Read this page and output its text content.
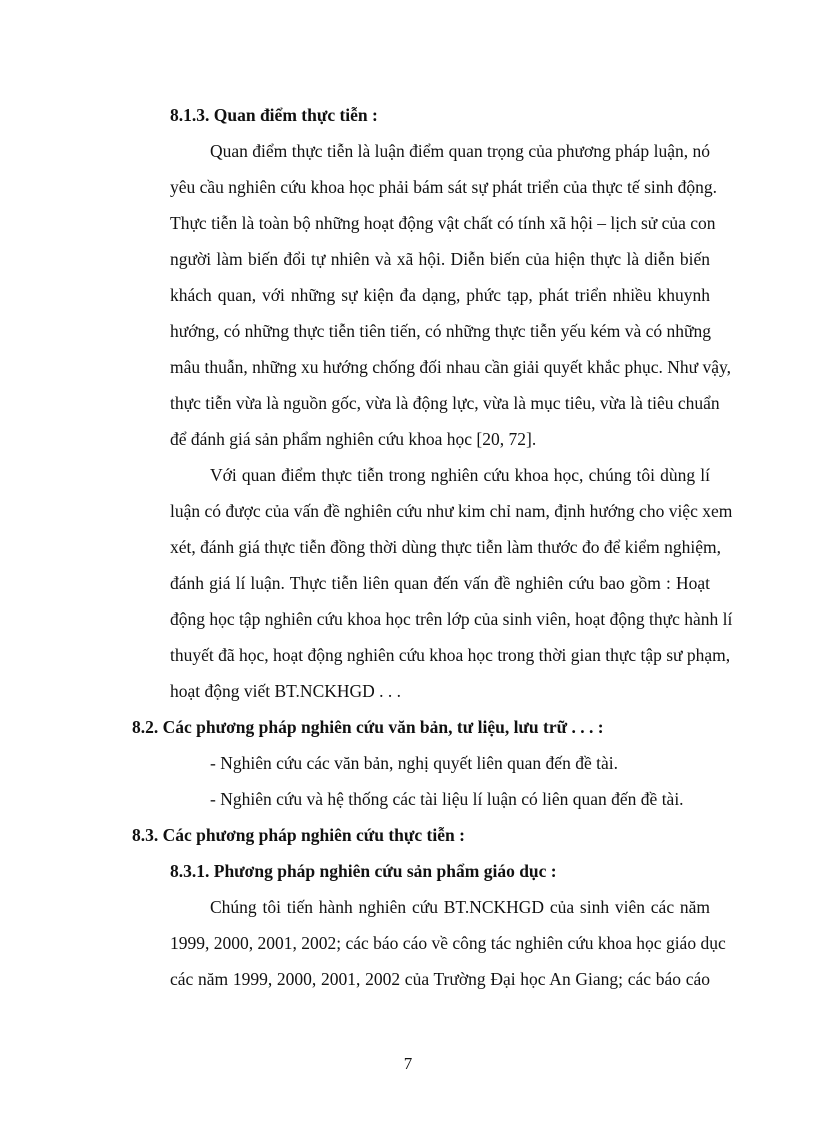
8.1.3. Quan điểm thực tiễn :
Quan điểm thực tiễn là luận điểm quan trọng của phương pháp luận, nó
yêu cầu nghiên cứu khoa học phải bám sát sự phát triển của thực tế sinh động.
Thực tiễn là toàn bộ những hoạt động vật chất có tính xã hội – lịch sử của con
người làm biến đổi tự nhiên và xã hội. Diễn biến của hiện thực là diễn biến
khách quan, với những sự kiện đa dạng, phức tạp, phát triển nhiều khuynh
hướng, có những thực tiễn tiên tiến, có những thực tiễn yếu kém và có những
mâu thuẫn, những xu hướng chống đối nhau cần giải quyết khắc phục. Như vậy,
thực tiễn vừa là nguồn gốc, vừa là động lực, vừa là mục tiêu, vừa là tiêu chuẩn
để đánh giá sản phẩm nghiên cứu khoa học [20, 72].
Với quan điểm thực tiễn trong nghiên cứu khoa học, chúng tôi dùng lí
luận có được của vấn đề nghiên cứu như kim chỉ nam, định hướng cho việc xem
xét, đánh giá thực tiễn đồng thời dùng thực tiễn làm thước đo để kiểm nghiệm,
đánh giá lí luận. Thực tiễn liên quan đến vấn đề nghiên cứu bao gồm : Hoạt
động học tập nghiên cứu khoa học trên lớp của sinh viên, hoạt động thực hành lí
thuyết đã học, hoạt động nghiên cứu khoa học trong thời gian thực tập sư phạm,
hoạt động viết BT.NCKHGD . . .
8.2. Các phương pháp nghiên cứu văn bản, tư liệu, lưu trữ . . . :
- Nghiên cứu các văn bản, nghị quyết liên quan đến đề tài.
- Nghiên cứu và hệ thống các tài liệu lí luận có liên quan đến đề tài.
8.3. Các phương pháp nghiên cứu thực tiễn :
8.3.1. Phương pháp nghiên cứu sản phẩm giáo dục :
Chúng tôi tiến hành nghiên cứu BT.NCKHGD của sinh viên các năm
1999, 2000, 2001, 2002; các báo cáo về công tác nghiên cứu khoa học giáo dục
các năm 1999, 2000, 2001, 2002 của Trường Đại học An Giang; các báo cáo
7
